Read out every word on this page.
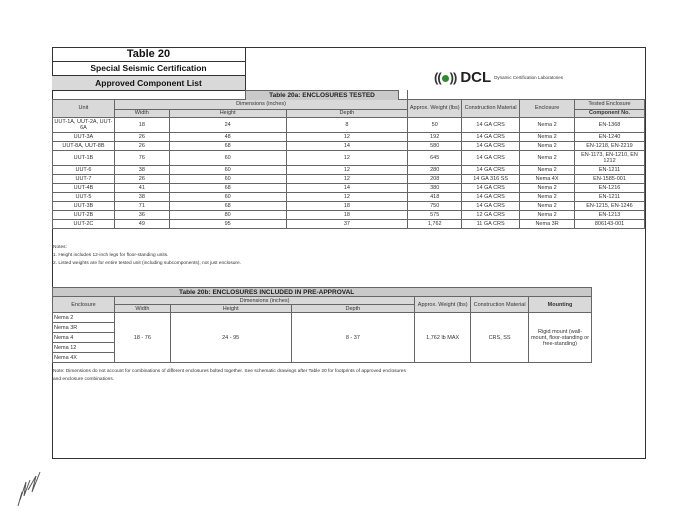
Table 20
Special Seismic Certification
Approved Component List	(( )) DCL Dynamic Certification Laboratories

Unit	Dimensions (inches)			Approx. Weight (lbs)	Construction Material	Enclosure	Tested Enclosure
	Width	Height	Depth				Component No.
UUT-1A, UUT-2A, UUT-6A	18	24	8	50	14 GA CRS	Nema 2	EN-1368
UUT-3A	26	48	12	192	14 GA CRS	Nema 2	EN-1240
UUT-8A, UUT-8B	26	68	14	580	14 GA CRS	Nema 2	EN-1218, EN-2219
UUT-1B	76	60	12	645	14 GA CRS	Nema 2	EN-1173, EN-1210, EN 1212
UUT-6	38	60	12	280	14 GA CRS	Nema 2	EN-1211
UUT-7	26	60	12	208	14 GA 316 SS	Nema 4X	EN-1585-001
UUT-4B	41	68	14	380	14 GA CRS	Nema 2	EN-1216
UUT-5	38	60	12	418	14 GA CRS	Nema 2	EN-1211
UUT-3B	71	68	18	750	14 GA CRS	Nema 2	EN-1215, EN-1246
UUT-2B	36	80	18	575	12 GA CRS	Nema 2	EN-1213
UUT-2C	49	95	37	1,762	11 GA CRS	Nema 3R	806143-001
Table 20a: ENCLOSURES TESTED
Notes:
1. Height includes 12-inch legs for floor-standing units.
2. Listed weights are for entire tested unit (including subcomponents), not just enclosure.
Table 20b: ENCLOSURES INCLUDED IN PRE-APPROVAL						
Enclosure	Dimensions (inches)			Approx. Weight (lbs)	Construction Material	Mounting
	Width	Height	Depth			
Nema 2	18 - 76	24 - 95	8 - 37	1,762 lb MAX	CRS, SS	Rigid mount (wall-mount, floor-standing or free-standing)
Nema 3R						
Nema 4						
Nema 12						
Nema 4X						
Note: Dimensions do not account for combinations of different enclosures bolted together. See schematic drawings after Table 20 for footprints of approved enclosures and enclosure combinations.
